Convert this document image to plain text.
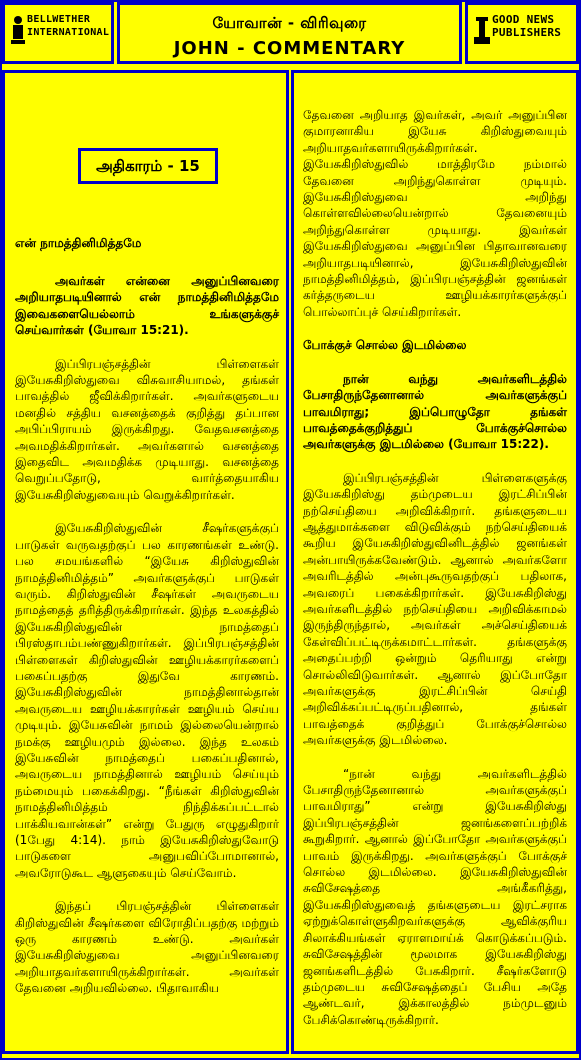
BELLWETHER INTERNATIONAL
யோவான் - விரிவுரை
JOHN - COMMENTARY
GOOD NEWS PUBLISHERS
அதிகாரம் - 15
என் நாமத்தினிமித்தமே

அவர்கள் என்னை அனுப்பினவரை அறியாதபடியினால் என் நாமத்தினிமித்தமே இவைகளையெல்லாம் உங்களுக்குச் செய்வார்கள் (யோவா 15:21).

இப்பிரபஞ்சத்தின் பிள்ளைகள் இயேசுகிறிஸ்துவை விசுவாசியாமல், தங்கள் பாவத்தில் ஜீவிக்கிறார்கள். அவர்களுடைய மனதில் சத்திய வசனத்தைக் குறித்து தப்பான அபிப்பிராயம் இருக்கிறது. வேதவசனத்தை அவமதிக்கிறார்கள். அவர்களால் வசனத்தை இதைவிட அவமதிக்க முடியாது. வசனத்தை வெறுப்பதோடு, வார்த்தையாகிய இயேசுகிறிஸ்துவையும் வெறுக்கிறார்கள்.

இயேசுகிறிஸ்துவின் சீஷர்களுக்குப் பாடுகள் வருவதற்குப் பல காரணங்கள் உண்டு. பல சமயங்களில் “இயேசு கிறிஸ்துவின் நாமத்தினிமித்தம்” அவர்களுக்குப் பாடுகள் வரும். கிறிஸ்துவின் சீஷர்கள் அவருடைய நாமத்தைத் தரித்திருக்கிறார்கள். இந்த உலகத்தில் இயேசுகிறிஸ்துவின் நாமத்தைப் பிரஸ்தாபம்பண்ணுகிறார்கள். இப்பிரபஞ்சத்தின் பிள்ளைகள் கிறிஸ்துவின் ஊழியக்காரர்களைப் பகைப்பதற்கு இதுவே காரணம். இயேசுகிறிஸ்துவின் நாமத்தினால்தான் அவருடைய ஊழியக்காரர்கள் ஊழியம் செய்ய முடியும். இயேசுவின் நாமம் இல்லையென்றால் நமக்கு ஊழியமும் இல்லை. இந்த உலகம் இயேசுவின் நாமத்தைப் பகைப்பதினால், அவருடைய நாமத்தினால் ஊழியம் செய்யும் நம்மையும் பகைக்கிறது. “நீங்கள் கிறிஸ்துவின் நாமத்தினிமித்தம் நிந்திக்கப்பட்டால் பாக்கியவான்கள்” என்று பேதுரு எழுதுகிறார் (1பேது 4:14). நாம் இயேசுகிறிஸ்துவோடு பாடுகளை அனுபவிப்போமானால், அவரோடுகூட ஆளுகையும் செய்வோம்.

இந்தப் பிரபஞ்சத்தின் பிள்ளைகள் கிறிஸ்துவின் சீஷர்களை விரோதிப்பதற்கு மற்றும் ஒரு காரணம் உண்டு. அவர்கள் இயேசுகிறிஸ்துவை அனுப்பினவரை அறியாதவர்களாயிருக்கிறார்கள். அவர்கள் தேவனை அறியவில்லை. பிதாவாகிய

தேவனை அறியாத இவர்கள், அவர் அனுப்பின குமாரனாகிய இயேசு கிறிஸ்துவையும் அறியாதவர்களாயிருக்கிறார்கள். இயேசுகிறிஸ்துவில் மாத்திரமே நம்மால் தேவனை அறிந்துகொள்ள முடியும். இயேசுகிறிஸ்துவை அறிந்து கொள்ளவில்லையென்றால் தேவனையும் அறிந்துகொள்ள முடியாது. இவர்கள் இயேசுகிறிஸ்துவை அனுப்பின பிதாவானவரை அறியாதபடியினால், இயேசுகிறிஸ்துவின் நாமத்தினிமித்தம், இப்பிரபஞ்சத்தின் ஜனங்கள் கர்த்தருடைய ஊழியக்காரர்களுக்குப் பொல்லாப்புச் செய்கிறார்கள்.

போக்குச் சொல்ல இடமில்லை

நான் வந்து அவர்களிடத்தில் பேசாதிருந்தேனானால் அவர்களுக்குப் பாவமிராது; இப்பொழுதோ தங்கள் பாவத்தைக்குறித்துப் போக்குச்சொல்ல அவர்களுக்கு இடமில்லை (யோவா 15:22).

இப்பிரபஞ்சத்தின் பிள்ளைகளுக்கு இயேசுகிறிஸ்து தம்முடைய இரட்சிப்பின் நற்செய்தியை அறிவிக்கிறார். தங்களுடைய ஆத்துமாக்களை விடுவிக்கும் நற்செய்தியைக் கூறிய இயேசுகிறிஸ்துவினிடத்தில் ஜனங்கள் அன்பாயிருக்கவேண்டும். ஆனால் அவர்களோ அவரிடத்தில் அன்புகூருவதற்குப் பதிலாக, அவரைப் பகைக்கிறார்கள். இயேசுகிறிஸ்து அவர்களிடத்தில் நற்செய்தியை அறிவிக்காமல் இருந்திருந்தால், அவர்கள் அச்செய்தியைக் கேள்விப்பட்டிருக்கமாட்டார்கள். தங்களுக்கு அதைப்பற்றி ஒன்றும் தெரியாது என்று சொல்லிவிடுவார்கள். ஆனால் இப்போதோ அவர்களுக்கு இரட்சிப்பின் செய்தி அறிவிக்கப்பட்டிருப்பதினால், தங்கள் பாவத்தைக் குறித்துப் போக்குச்சொல்ல அவர்களுக்கு இடமில்லை.

“நான் வந்து அவர்களிடத்தில் பேசாதிருந்தேனானால் அவர்களுக்குப் பாவமிராது” என்று இயேசுகிறிஸ்து இப்பிரபஞ்சத்தின் ஜனங்களைப்பற்றிக் கூறுகிறார். ஆனால் இப்போதோ அவர்களுக்குப் பாவம் இருக்கிறது. அவர்களுக்குப் போக்குச் சொல்ல இடமில்லை. இயேசுகிறிஸ்துவின் சுவிசேஷத்தை அங்கீகரித்து, இயேசுகிறிஸ்துவைத் தங்களுடைய இரட்சராக ஏற்றுக்கொள்ளுகிறவர்களுக்கு ஆவிக்குரிய சிலாக்கியங்கள் ஏராளமாய்க் கொடுக்கப்படும். சுவிசேஷத்தின் மூலமாக இயேசுகிறிஸ்து ஜனங்களிடத்தில் பேசுகிறார். சீஷர்களோடு தம்முடைய சுவிசேஷத்தைப் பேசிய அதே ஆண்டவர், இக்காலத்தில் நம்முடனும் பேசிக்கொண்டிருக்கிறார்.
